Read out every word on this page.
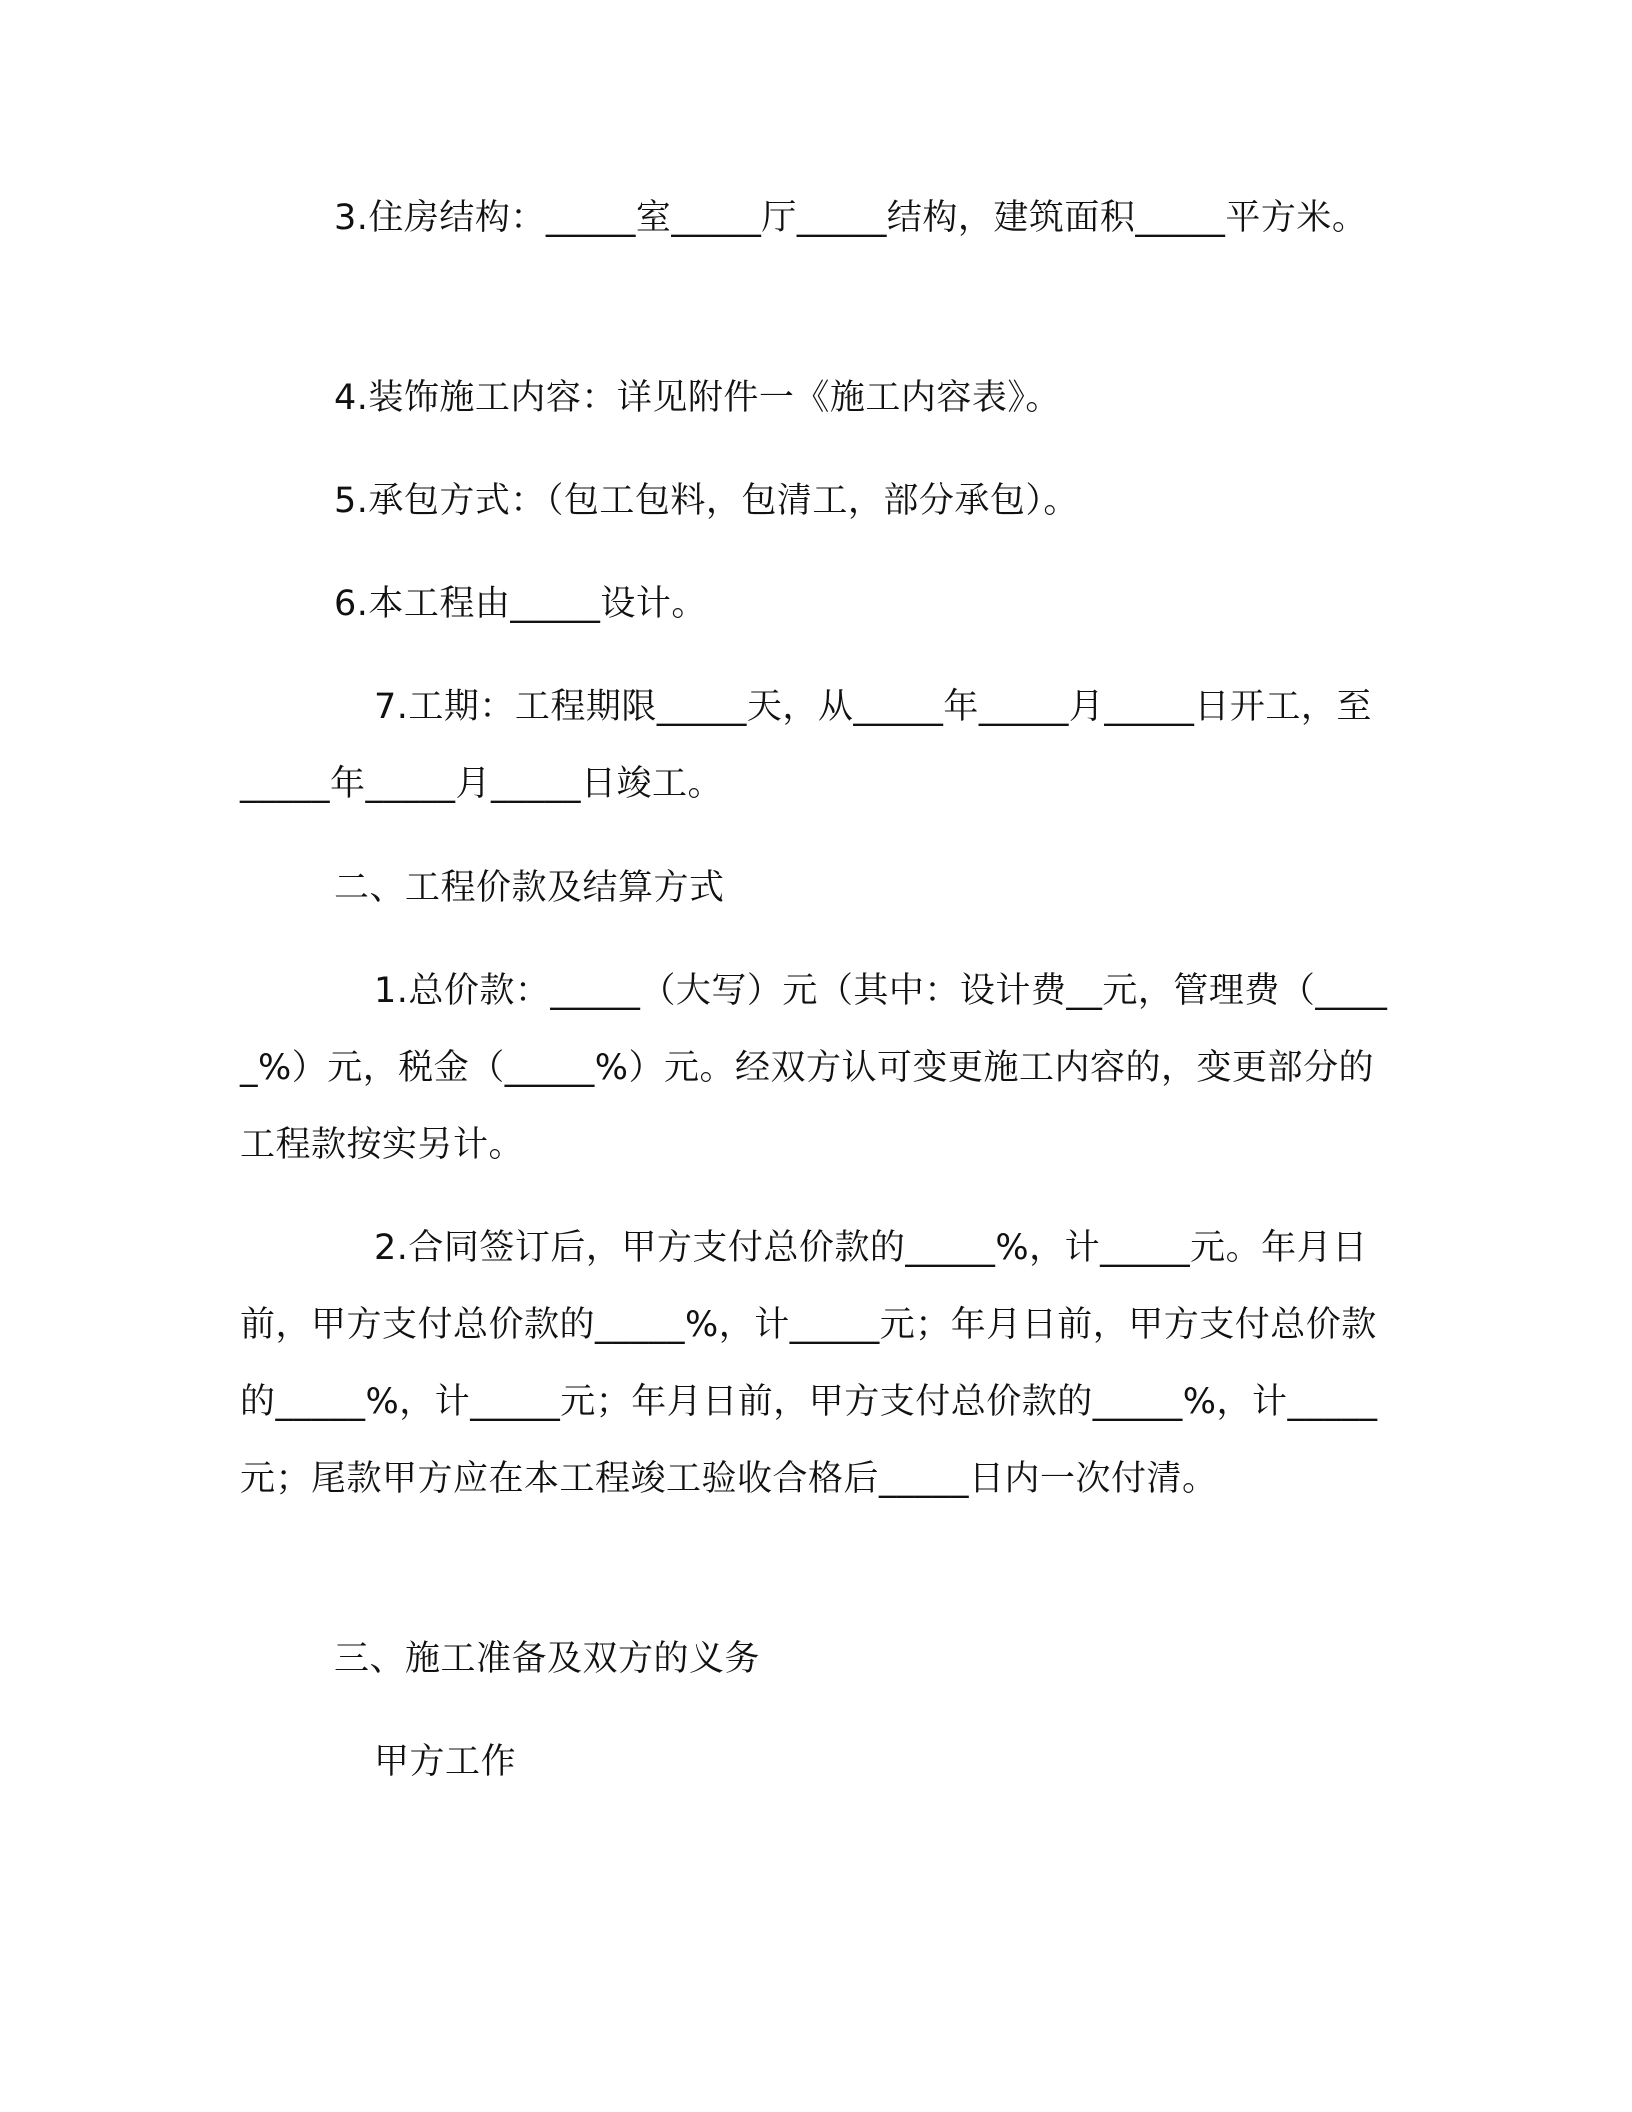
3.住房结构：_____室_____厅_____结构，建筑面积_____平方米。

4.装饰施工内容：详见附件一《施工内容表》。

5.承包方式：（包工包料，包清工，部分承包）。

6.本工程由_____设计。

7.工期：工程期限_____天，从_____年_____月_____日开工，至_____年_____月_____日竣工。

二、工程价款及结算方式

1.总价款：_____（大写）元（其中：设计费__元，管理费（_____%）元，税金（_____%）元。经双方认可变更施工内容的，变更部分的工程款按实另计。

2.合同签订后，甲方支付总价款的_____%，计_____元。年月日前，甲方支付总价款的_____%，计_____元；年月日前，甲方支付总价款的_____%，计_____元；年月日前，甲方支付总价款的_____%，计_____元；尾款甲方应在本工程竣工验收合格后_____日内一次付清。

三、施工准备及双方的义务

甲方工作
